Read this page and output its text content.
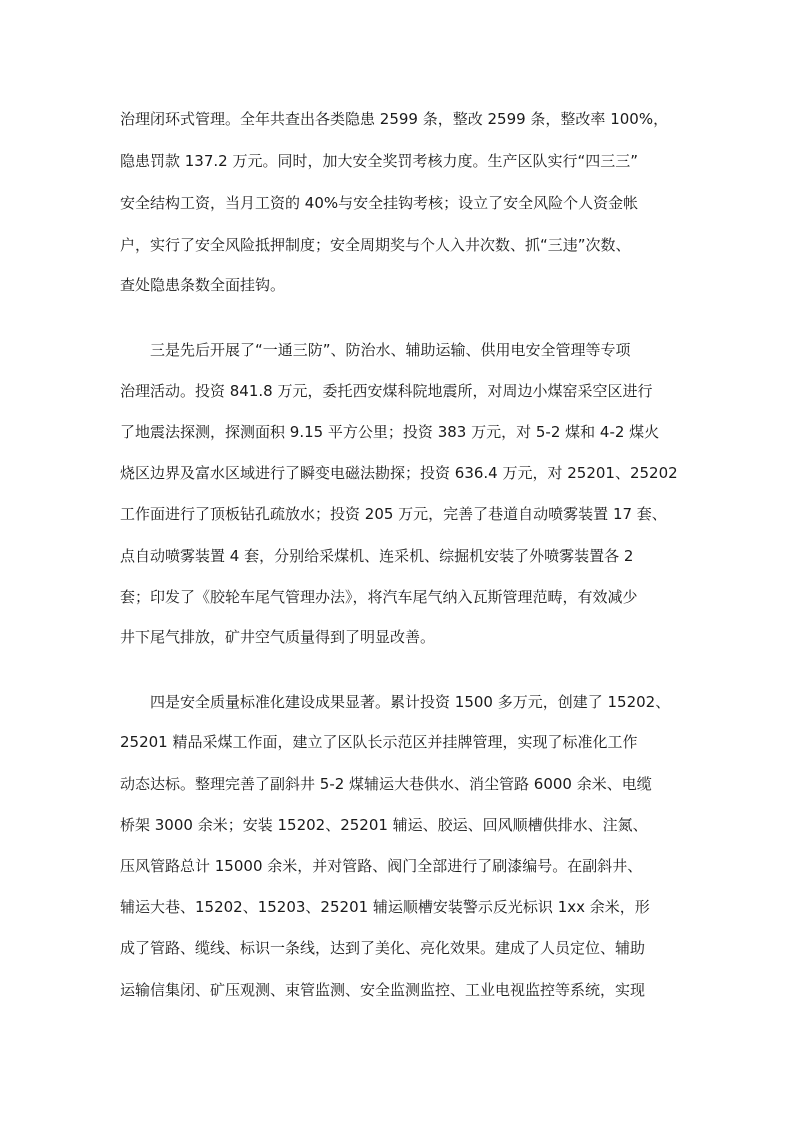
治理闭环式管理。全年共查出各类隐患 2599 条，整改 2599 条，整改率 100%，
隐患罚款 137.2 万元。同时，加大安全奖罚考核力度。生产区队实行“四三三”
安全结构工资，当月工资的 40%与安全挂钩考核；设立了安全风险个人资金帐
户，实行了安全风险抵押制度；安全周期奖与个人入井次数、抓“三违”次数、
查处隐患条数全面挂钩。
三是先后开展了“一通三防”、防治水、辅助运输、供用电安全管理等专项
治理活动。投资 841.8 万元，委托西安煤科院地震所，对周边小煤窑采空区进行
了地震法探测，探测面积 9.15 平方公里；投资 383 万元，对 5-2 煤和 4-2 煤火
烧区边界及富水区域进行了瞬变电磁法勘探；投资 636.4 万元，对 25201、25202
工作面进行了顶板钻孔疏放水；投资 205 万元，完善了巷道自动喷雾装置 17 套、
点自动喷雾装置 4 套，分别给采煤机、连采机、综掘机安装了外喷雾装置各 2
套；印发了《胶轮车尾气管理办法》，将汽车尾气纳入瓦斯管理范畴，有效减少
井下尾气排放，矿井空气质量得到了明显改善。
四是安全质量标准化建设成果显著。累计投资 1500 多万元，创建了 15202、
25201 精品采煤工作面，建立了区队长示范区并挂牌管理，实现了标准化工作
动态达标。整理完善了副斜井 5-2 煤辅运大巷供水、消尘管路 6000 余米、电缆
桥架 3000 余米；安装 15202、25201 辅运、胶运、回风顺槽供排水、注氮、
压风管路总计 15000 余米，并对管路、阀门全部进行了刷漆编号。在副斜井、
辅运大巷、15202、15203、25201 辅运顺槽安装警示反光标识 1xx 余米，形
成了管路、缆线、标识一条线，达到了美化、亮化效果。建成了人员定位、辅助
运输信集闭、矿压观测、束管监测、安全监测监控、工业电视监控等系统，实现
